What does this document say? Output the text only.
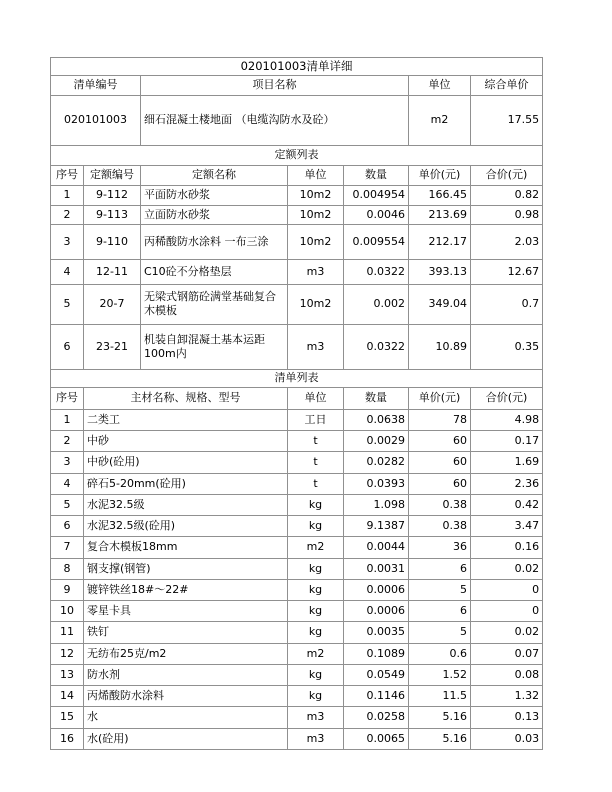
020101003清单详细						
清单编号		项目名称			单位	综合单价
020101003		细石混凝土楼地面 （电缆沟防水及砼）			m2	17.55
定额列表						
序号	定额编号	定额名称	单位	数量	单价(元)	合价(元)
1	9-112	平面防水砂浆	10m2	0.004954	166.45	0.82
2	9-113	立面防水砂浆	10m2	0.0046	213.69	0.98
3	9-110	丙稀酸防水涂料 一布三涂	10m2	0.009554	212.17	2.03
4	12-11	C10砼不分格垫层	m3	0.0322	393.13	12.67
5	20-7	无梁式钢筋砼满堂基础复合木模板	10m2	0.002	349.04	0.7
6	23-21	机装自卸混凝土基本运距100m内	m3	0.0322	10.89	0.35
清单列表						
序号	主材名称、规格、型号		单位	数量	单价(元)	合价(元)
1	二类工		工日	0.0638	78	4.98
2	中砂		t	0.0029	60	0.17
3	中砂(砼用)		t	0.0282	60	1.69
4	碎石5-20mm(砼用)		t	0.0393	60	2.36
5	水泥32.5级		kg	1.098	0.38	0.42
6	水泥32.5级(砼用)		kg	9.1387	0.38	3.47
7	复合木模板18mm		m2	0.0044	36	0.16
8	钢支撑(钢管)		kg	0.0031	6	0.02
9	镀锌铁丝18#～22#		kg	0.0006	5	0
10	零星卡具		kg	0.0006	6	0
11	铁钉		kg	0.0035	5	0.02
12	无纺布25克/m2		m2	0.1089	0.6	0.07
13	防水剂		kg	0.0549	1.52	0.08
14	丙烯酸防水涂料		kg	0.1146	11.5	1.32
15	水		m3	0.0258	5.16	0.13
16	水(砼用)		m3	0.0065	5.16	0.03
